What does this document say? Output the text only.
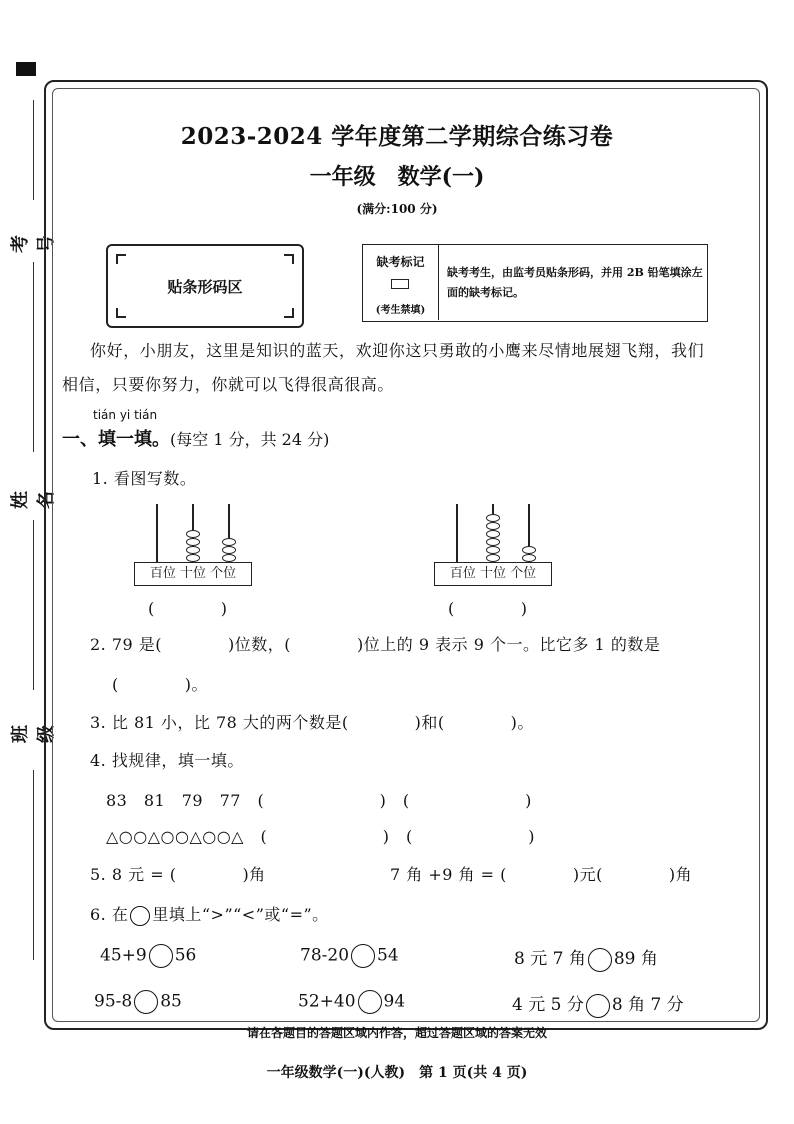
考号
姓名
班级
2023-2024 学年度第二学期综合练习卷
一年级　数学(一)
(满分:100 分)
贴条形码区
缺考标记
(考生禁填)
缺考考生，由监考员贴条形码，并用 2B 铅笔填涂左面的缺考标记。
你好，小朋友，这里是知识的蓝天，欢迎你这只勇敢的小鹰来尽情地展翅飞翔，我们
相信，只要你努力，你就可以飞得很高很高。
tián yi tián
一、填一填。(每空 1 分，共 24 分)
1. 看图写数。
百位 十位 个位	百位 十位 个位
(　　　　)	(　　　　)
2. 79 是(　　　　)位数，(　　　　)位上的 9 表示 9 个一。比它多 1 的数是
(　　　　)。
3. 比 81 小，比 78 大的两个数是(　　　　)和(　　　　)。
4. 找规律，填一填。
83　81　79　77　(　　　　　　　)　(　　　　　　　)
△○○△○○△○○△　(　　　　　　　)　(　　　　　　　)
5. 8 元 = (　　　　)角	7 角 +9 角 = (　　　　)元(　　　　)角
6. 在 里填上“>”“<”或“=”。
45+9 56	78-20 54	8 元 7 角 89 角
95-8 85	52+40 94	4 元 5 分 8 角 7 分
请在各题目的答题区域内作答，超过答题区域的答案无效
一年级数学(一)(人教)　第 1 页(共 4 页)
